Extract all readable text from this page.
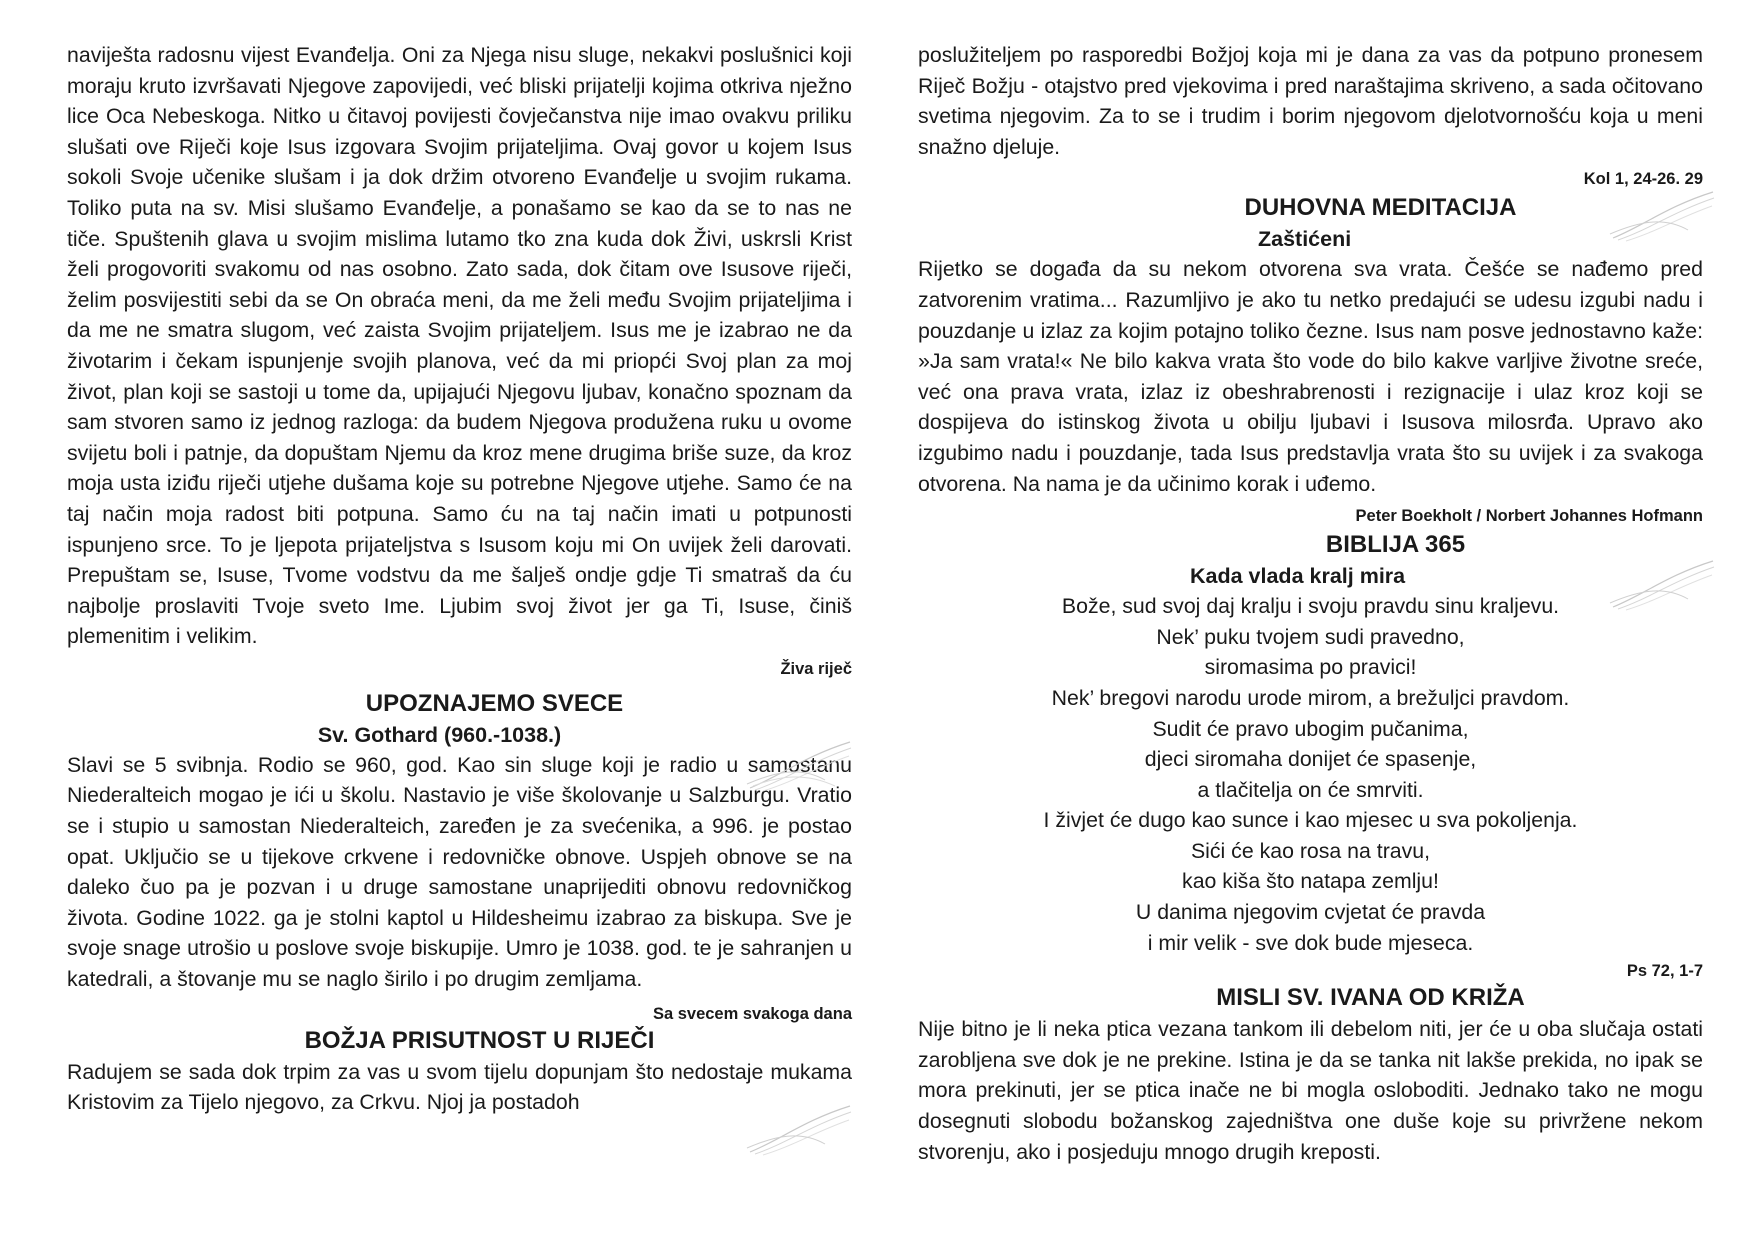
naviješta radosnu vijest Evanđelja. Oni za Njega nisu sluge, nekakvi poslušnici koji moraju kruto izvršavati Njegove zapovijedi, već bliski prijatelji kojima otkriva nježno lice Oca Nebeskoga. Nitko u čitavoj povijesti čovječanstva nije imao ovakvu priliku slušati ove Riječi koje Isus izgovara Svojim prijateljima. Ovaj govor u kojem Isus sokoli Svoje učenike slušam i ja dok držim otvoreno Evanđelje u svojim rukama. Toliko puta na sv. Misi slušamo Evanđelje, a ponašamo se kao da se to nas ne tiče. Spuštenih glava u svojim mislima lutamo tko zna kuda dok Živi, uskrsli Krist želi progovoriti svakomu od nas osobno. Zato sada, dok čitam ove Isusove riječi, želim posvijestiti sebi da se On obraća meni, da me želi među Svojim prijateljima i da me ne smatra slugom, već zaista Svojim prijateljem. Isus me je izabrao ne da životarim i čekam ispunjenje svojih planova, već da mi priopći Svoj plan za moj život, plan koji se sastoji u tome da, upijajući Njegovu ljubav, konačno spoznam da sam stvoren samo iz jednog razloga: da budem Njegova produžena ruku u ovome svijetu boli i patnje, da dopuštam Njemu da kroz mene drugima briše suze, da kroz moja usta iziđu riječi utjehe dušama koje su potrebne Njegove utjehe. Samo će na taj način moja radost biti potpuna. Samo ću na taj način imati u potpunosti ispunjeno srce. To je ljepota prijateljstva s Isusom koju mi On uvijek želi darovati. Prepuštam se, Isuse, Tvome vodstvu da me šalješ ondje gdje Ti smatraš da ću najbolje proslaviti Tvoje sveto Ime. Ljubim svoj život jer ga Ti, Isuse, činiš plemenitim i velikim.

Živa riječ

UPOZNAJEMO SVECE

Sv. Gothard (960.-1038.)

Slavi se 5 svibnja. Rodio se 960, god. Kao sin sluge koji je radio u samostanu Niederalteich mogao je ići u školu. Nastavio je više školovanje u Salzburgu. Vratio se i stupio u samostan Niederalteich, zaređen je za svećenika, a 996. je postao opat. Uključio se u tijekove crkvene i redovničke obnove. Uspjeh obnove se na daleko čuo pa je pozvan i u druge samostane unaprijediti obnovu redovničkog života. Godine 1022. ga je stolni kaptol u Hildesheimu izabrao za biskupa. Sve je svoje snage utrošio u poslove svoje biskupije. Umro je 1038. god. te je sahranjen u katedrali, a štovanje mu se naglo širilo i po drugim zemljama.

Sa svecem svakoga dana

BOŽJA PRISUTNOST U RIJEČI

Radujem se sada dok trpim za vas u svom tijelu dopunjam što nedostaje mukama Kristovim za Tijelo njegovo, za Crkvu. Njoj ja postadoh

poslužiteljem po rasporedbi Božjoj koja mi je dana za vas da potpuno pronesem Riječ Božju - otajstvo pred vjekovima i pred naraštajima skriveno, a sada očitovano svetima njegovim. Za to se i trudim i borim njegovom djelotvornošću koja u meni snažno djeluje.

Kol 1, 24-26. 29

DUHOVNA MEDITACIJA

Zaštićeni

Rijetko se događa da su nekom otvorena sva vrata. Češće se nađemo pred zatvorenim vratima... Razumljivo je ako tu netko predajući se udesu izgubi nadu i pouzdanje u izlaz za kojim potajno toliko čezne. Isus nam posve jednostavno kaže: »Ja sam vrata!« Ne bilo kakva vrata što vode do bilo kakve varljive životne sreće, već ona prava vrata, izlaz iz obeshrabrenosti i rezignacije i ulaz kroz koji se dospijeva do istinskog života u obilju ljubavi i Isusova milosrđa. Upravo ako izgubimo nadu i pouzdanje, tada Isus predstavlja vrata što su uvijek i za svakoga otvorena. Na nama je da učinimo korak i uđemo.

Peter Boekholt / Norbert Johannes Hofmann

BIBLIJA 365

Kada vlada kralj mira

Bože, sud svoj daj kralju i svoju pravdu sinu kraljevu.
Nek’ puku tvojem sudi pravedno,
siromasima po pravici!
Nek’ bregovi narodu urode mirom, a brežuljci pravdom.
Sudit će pravo ubogim pučanima,
djeci siromaha donijet će spasenje,
a tlačitelja on će smrviti.
I živjet će dugo kao sunce i kao mjesec u sva pokoljenja.
Sići će kao rosa na travu,
kao kiša što natapa zemlju!
U danima njegovim cvjetat će pravda
i mir velik - sve dok bude mjeseca.

Ps 72, 1-7

MISLI SV. IVANA OD KRIŽA

Nije bitno je li neka ptica vezana tankom ili debelom niti, jer će u oba slučaja ostati zarobljena sve dok je ne prekine. Istina je da se tanka nit lakše prekida, no ipak se mora prekinuti, jer se ptica inače ne bi mogla osloboditi. Jednako tako ne mogu dosegnuti slobodu božanskog zajedništva one duše koje su privržene nekom stvorenju, ako i posjeduju mnogo drugih kreposti.
